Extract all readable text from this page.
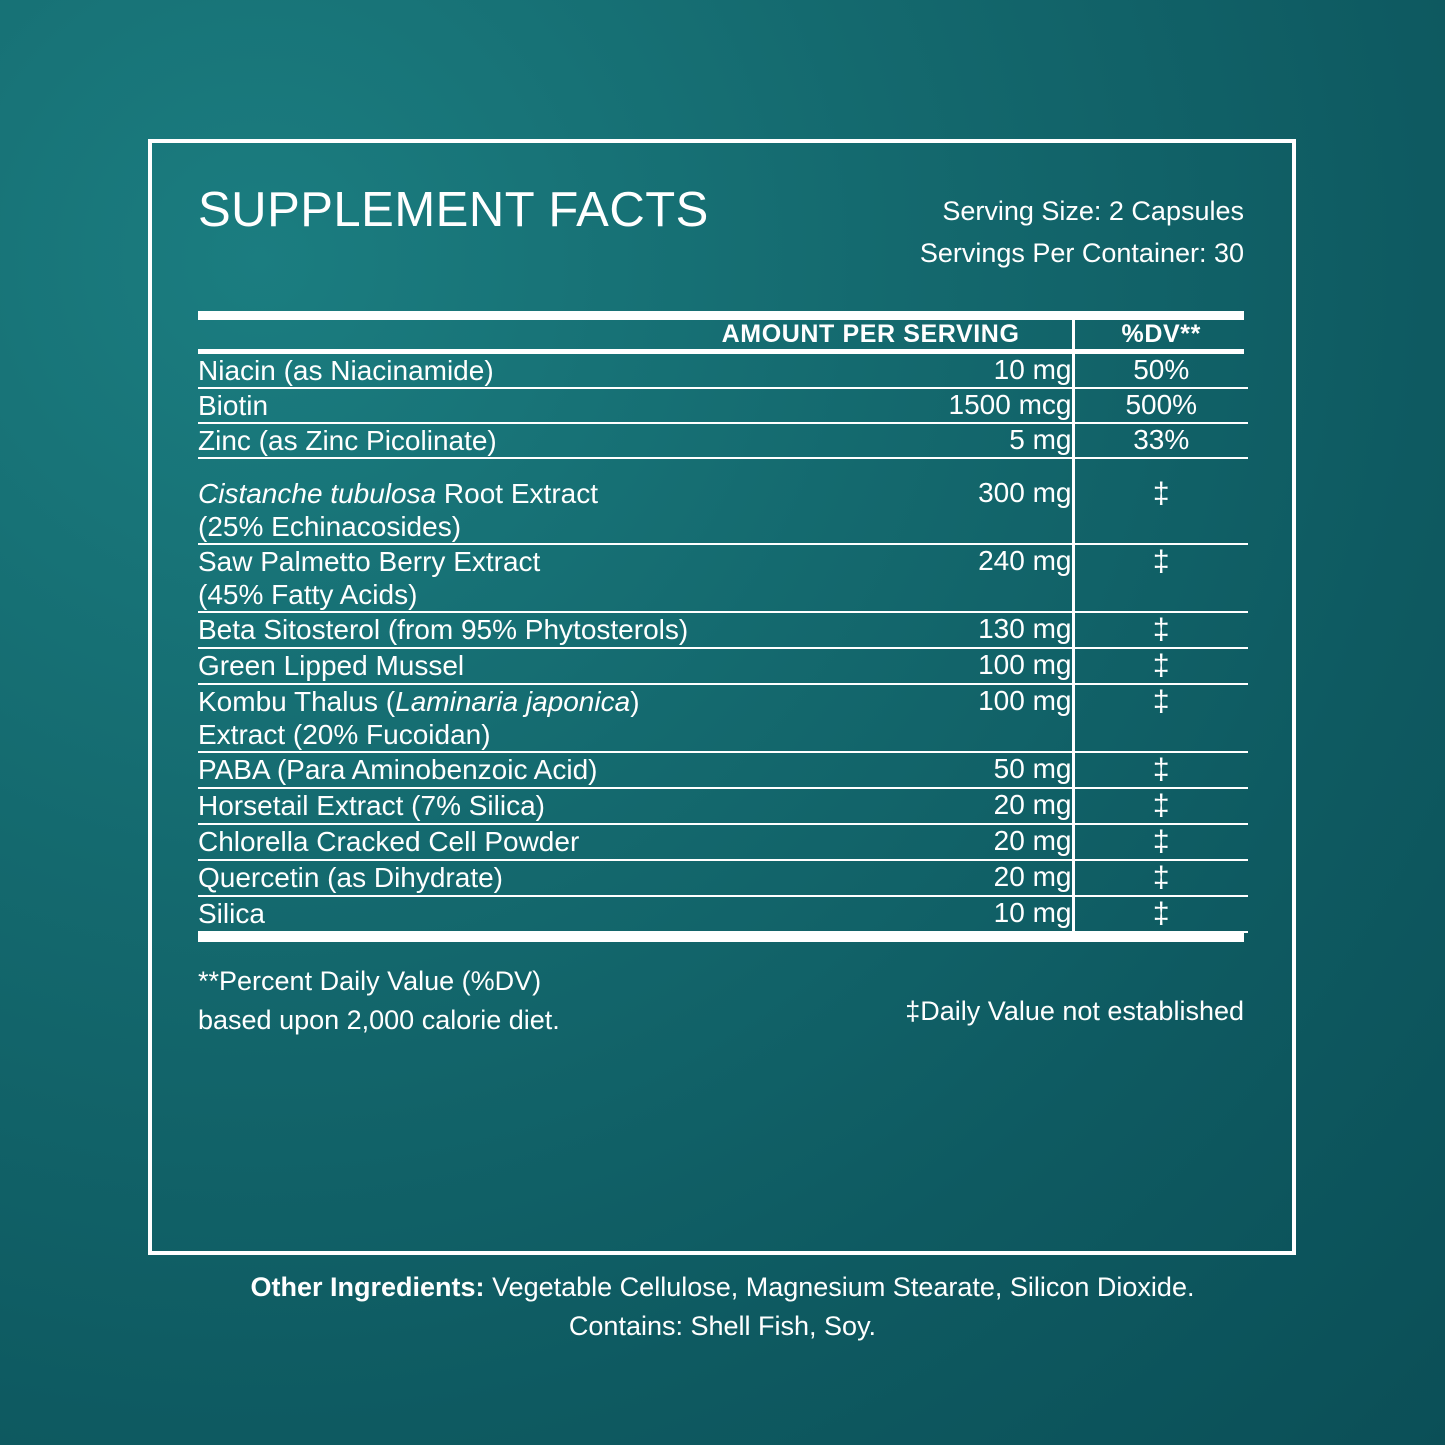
SUPPLEMENT FACTS	Serving Size: 2 Capsules
Servings Per Container: 30
	AMOUNT PER SERVING	%DV**
Niacin (as Niacinamide)	10 mg	50%
Biotin	1500 mcg	500%
Zinc (as Zinc Picolinate)	5 mg	33%

Cistanche tubulosa Root Extract
(25% Echinacosides)	300 mg	‡
Saw Palmetto Berry Extract
(45% Fatty Acids)	240 mg	‡
Beta Sitosterol (from 95% Phytosterols)	130 mg	‡
Green Lipped Mussel	100 mg	‡
Kombu Thalus (Laminaria japonica)
Extract (20% Fucoidan)	100 mg	‡
PABA (Para Aminobenzoic Acid)	50 mg	‡
Horsetail Extract (7% Silica)	20 mg	‡
Chlorella Cracked Cell Powder	20 mg	‡
Quercetin (as Dihydrate)	20 mg	‡
Silica	10 mg	‡
**Percent Daily Value (%DV)
based upon 2,000 calorie diet.	‡Daily Value not established
Other Ingredients: Vegetable Cellulose, Magnesium Stearate, Silicon Dioxide.
Contains: Shell Fish, Soy.
